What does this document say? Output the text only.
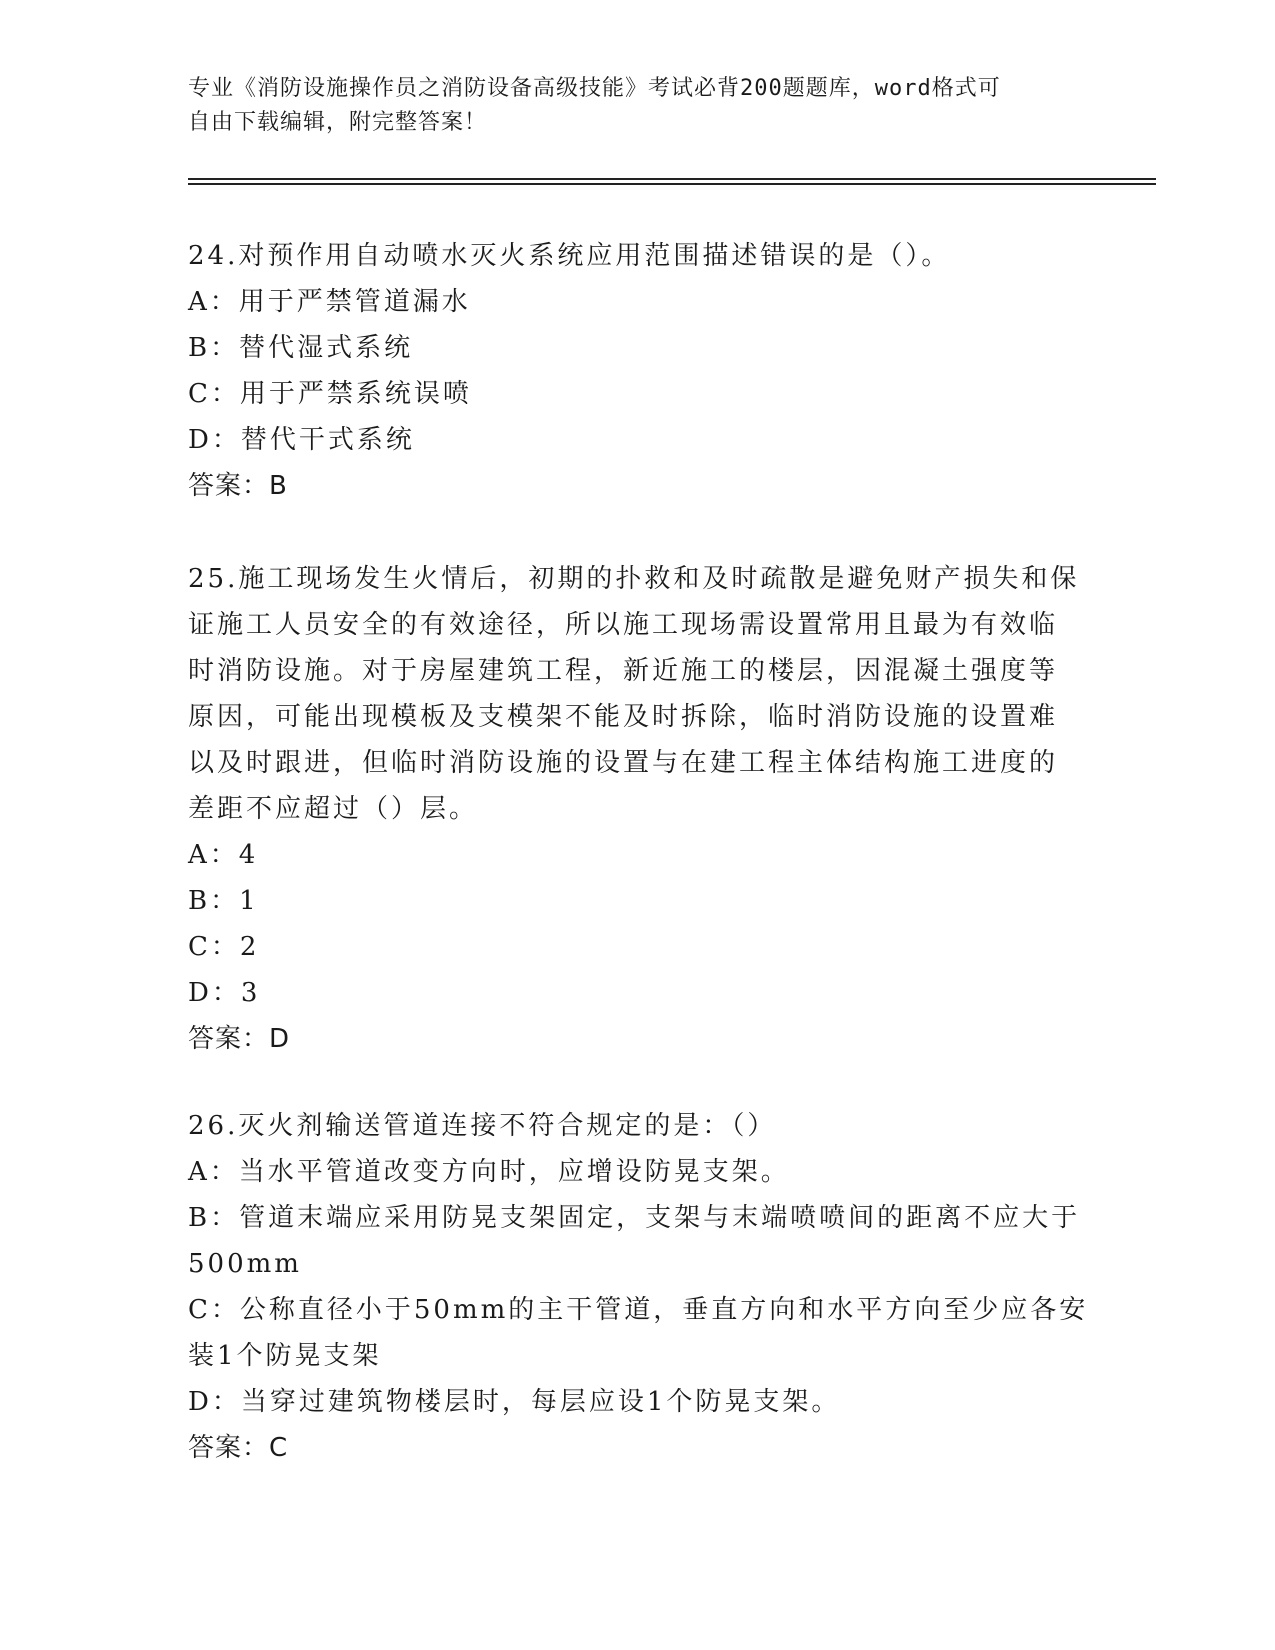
专业《消防设施操作员之消防设备高级技能》考试必背200题题库，word格式可
自由下载编辑，附完整答案！
24.对预作用自动喷水灭火系统应用范围描述错误的是（）。
A：用于严禁管道漏水
B：替代湿式系统
C：用于严禁系统误喷
D：替代干式系统
答案：B
25.施工现场发生火情后，初期的扑救和及时疏散是避免财产损失和保
证施工人员安全的有效途径，所以施工现场需设置常用且最为有效临
时消防设施。对于房屋建筑工程，新近施工的楼层，因混凝土强度等
原因，可能出现模板及支模架不能及时拆除，临时消防设施的设置难
以及时跟进，但临时消防设施的设置与在建工程主体结构施工进度的
差距不应超过（）层。
A：4
B：1
C：2
D：3
答案：D
26.灭火剂输送管道连接不符合规定的是：（）
A：当水平管道改变方向时，应增设防晃支架。
B：管道末端应采用防晃支架固定，支架与末端喷喷间的距离不应大于
500mm
C：公称直径小于50mm的主干管道，垂直方向和水平方向至少应各安
装1个防晃支架
D：当穿过建筑物楼层时，每层应设1个防晃支架。
答案：C
